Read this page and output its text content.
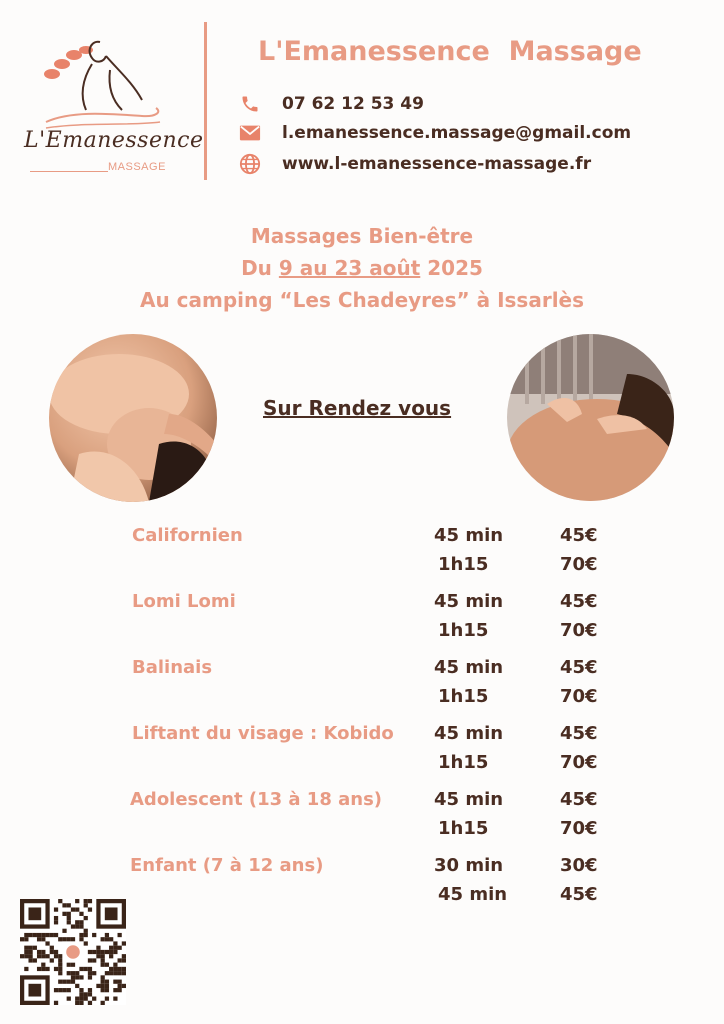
L'Emanessence
MASSAGE
L'Emanessence  Massage
07 62 12 53 49
l.emanessence.massage@gmail.com
www.l-emanessence-massage.fr
Massages Bien-être
Du 9 au 23 août 2025
Au camping “Les Chadeyres” à Issarlès
Sur Rendez vous
Californien	45 min	45€
1h15	70€
Lomi Lomi	45 min	45€
1h15	70€
Balinais	45 min	45€
1h15	70€
Liftant du visage : Kobido 45 min	45€
1h15	70€
Adolescent (13 à 18 ans)	45 min	45€
1h15	70€
Enfant (7 à 12 ans)	30 min	30€
45 min	45€
